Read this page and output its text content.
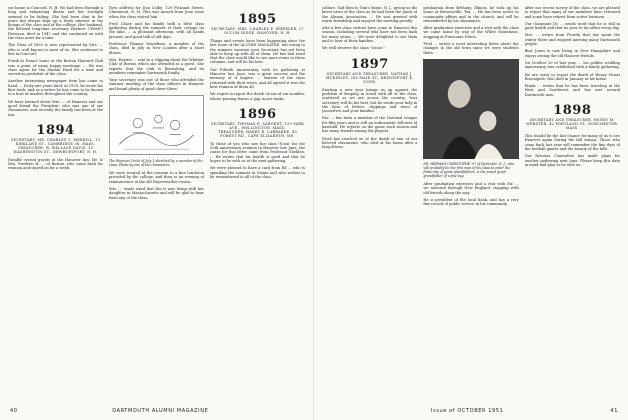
sor home in Concord, N. H. We had been through a long and exhausting illness and her strength seemed to be failing. She had been shut in for years but always kept up a lively interest in the doings of the class and of the college. Her husband, the beloved long-time secretary Herbert ("Herb") Paterson, died in 1947 and she continued on with the class news for a time.

The Class of 1893 is now represented by Mrs. ... who is well known to most of us. She continues to live in Concord.

Frank at Dana's home at the Boston Harvard Club was a point of many happy meetings. ... He was class agent for the Alumni Fund for a time and served as president of the class.

Another interesting newspaper item has come to hand. ... Forty-one years later, in 1929, he wrote his first book, and as a writer he has come to be known to a host of readers throughout the country.

We have learned about Mrs. ... of Hanover and our good friend the President, who was one of our classmates, and recently the family has been at the Inn.

1894
SECRETARY, MR. CHARLES C. MERRILL, 15 KIRKLAND ST., CAMBRIDGE 38, MASS.
TREASURER, W. WALLACE DAVIS, 10 WASHINGTON ST., NEWBURYPORT, N. H.

Notable recent guests at the Hanover Inn: Mr. & Mrs. Frederic H. ... of Boston, who came back for reunion and stayed on for a week.

Now address for Don Colby: 129 Pleasant Street, Claremont, N. H. This was moved from June issue when the class visited him.

Fred Chase and his family held a little class gathering during the summer at their cottage on the lake. ... A pleasant afternoon, with all hands present, and good talk of old days.

Professor Thomas Vanceboro, a member of the class, died in July in New London after a short illness.

Mrs. Harriet ... sent in a clipping about the Whittier Club of Boston which she attended as a guest. She reports that the club is flourishing, and its members remember Dartmouth fondly.

Your secretary was one of those who attended the summer meeting of the class officers in Hanover and found plenty of good cheer there.

The Reunion Circle of July 1 sketched by a member of the class. Photo by one of the classmates.

We were treated at the reunion to a fine luncheon provided by the college, and then to an evening of reminiscence in the old Fayerweather rooms.

Mrs. ... sends word that she is now living with her daughter in Massachusetts and will be glad to hear from any of the class.

1895
SECRETARY, MRS. CHARLES F. WHEELER, 27 OCCOM RIDGE, HANOVER, N. H.

Things and events have been happening since the last issue of the ALUMNI MAGAZINE, but owing to the summer vacation your Secretary has not been able to keep up with all of them. He has had word that the class would like to see more items in these columns, and will do his best.

Our Fiftieth Anniversary, with its gathering at Hanover last June, was a great success and the memory of it lingers. ... Sixteen of the class returned with their wives, and all agreed it was the best reunion of them all.

We regret to report the death of one of our number, whose passing leaves a gap in our ranks.

1896
SECRETARY, THOMAS E. SARGENT, 159 PARK AVE., WELLINGTON, MASS.
TREASURER, HARRY R. LARRABEE, 40 FOREST RD., CAPE ELIZABETH, ME.

To those of you who saw the class 'Noon' for the 55th anniversary reunion in Hanover last June, the cause for this letter came from Professor Sheldon. ... He writes that his health is good and that he hopes to be with us at the next gathering.

We were pleased to have a card from Ed ... who is spending the summer in Maine and who wishes to be remembered to all of the class.

40	DARTMOUTH ALUMNI MAGAZINE

culture. Sad then to Tom's Rome, N. J., giving us the latest news of the class as he had been the guest of the Alumni Association. ... He was greeted with warm friendship and enjoyed the meeting greatly.

Also a few class visitors have come to Hanover this season, including several who have not been back for many years. ... We were delighted to see them and to hear of their families.

We well deserve the class "Oscar."

1897
SECRETARY AND TREASURER, NATHAN J. MCKINLEY, 206 MAIN ST., BRIDGEPORT 4, CONN.

Starting a new year brings us up against the problem of keeping in touch with all of the class, scattered as we are across the country. Your secretary will do his best, but he needs your help in the form of letters, clippings and news of yourselves and your families.

Doc ... has been a member of the National League for fifty years and is still an enthusiastic follower of baseball. He reports on the game each season and has many friends among the players.

Word has reached us of the death of one of our beloved classmates, who died at his home after a long illness.

graduation from Bethany, Illinois, he took up his home at Brownsville, Tex. ... He has been active in community affairs and in the church, and will be remembered by his classmates.

After graduation exercises and a visit with the class we came home by way of the White Mountains, stopping at Franconia Notch.

Fred ... writes a most interesting letter about the changes in the old town since we were students there.

DR. HERMAN CHRISTOPHE '97 of Montclair, N. J., who will probably be the first man of his class to enter the fraternity of great-grandfathers, is the proud great-grandfather of a fine boy.

After graduation exercises and a visit with Mr. ... we motored through New England, stopping with old friends along the way.

He is president of the local bank, and has a very fine record of public service in his community.

After our recent survey of the class, we are pleased to report that many of our members have returned and some have retired from active business.

Our classmate Dr. ... sends word that he is still in good health and that he goes to his office every day.

Mrs. ... writes from Florida that she spent the winter there and enjoyed meeting many Dartmouth people.

Burt Jones is now living in New Hampshire and enjoys seeing the old Hanover friends.

On October 20 of last year, ... his golden wedding anniversary was celebrated with a family gathering.

We are sorry to report the death of Henry Stuart Rosenquist, who died in January at his home.

Frank ... writes that he has been traveling in the West and Southwest and has met several Dartmouth men.

1898
SECRETARY AND TREASURER, HENRY M. WEBSTER, 42 PORTLAND ST., DORCHESTER, MASS.

This should be the last chance for many of us to see Hanover again during the fall season. Those who came back last year will remember the fine days of the football games and the beauty of the hills.

Our Reunion Committee has made plans for another gathering next June. Please keep this date in mind and plan to be with us.

Issue of OCTOBER 1951	41
